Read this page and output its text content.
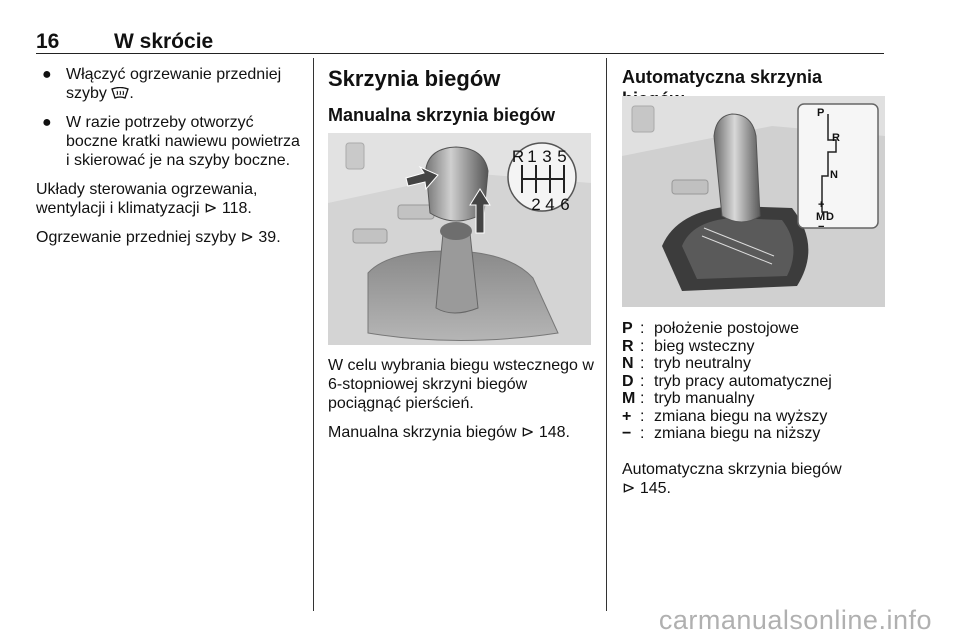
16	W skrócie
● Włączyć ogrzewanie przedniej szyby .
● W razie potrzeby otworzyć boczne kratki nawiewu powietrza i skierować je na szyby boczne.

Układy sterowania ogrzewania, wentylacji i klimatyzacji ⊳ 118.

Ogrzewanie przedniej szyby ⊳ 39.

Skrzynia biegów
Manualna skrzynia biegów
R 1 3 5
2 4 6

W celu wybrania biegu wstecznego w 6-stopniowej skrzyni biegów pociągnąć pierścień.

Manualna skrzynia biegów ⊳ 148.

Automatyczna skrzynia
P
R
N
+
M D
−
P : położenie postojowe
R : bieg wsteczny
N : tryb neutralny
D : tryb pracy automatycznej
M : tryb manualny
+ : zmiana biegu na wyższy
− : zmiana biegu na niższy

Automatyczna skrzynia biegów
⊳ 145.

carmanualsonline.info
